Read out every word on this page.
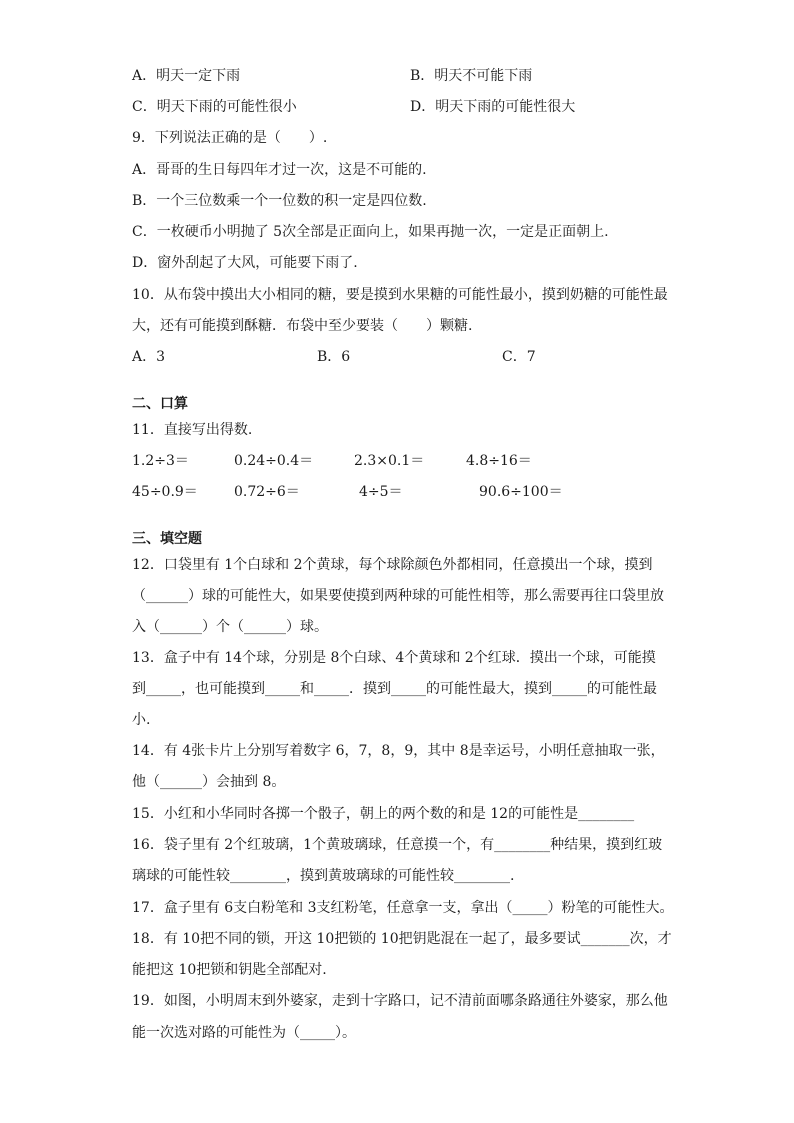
A．明天一定下雨	B．明天不可能下雨
C．明天下雨的可能性很小	D．明天下雨的可能性很大
9．下列说法正确的是（　　）.
A．哥哥的生日每四年才过一次，这是不可能的.
B．一个三位数乘一个一位数的积一定是四位数.
C．一枚硬币小明抛了 5次全部是正面向上，如果再抛一次，一定是正面朝上.
D．窗外刮起了大风，可能要下雨了.
10．从布袋中摸出大小相同的糖，要是摸到水果糖的可能性最小，摸到奶糖的可能性最
大，还有可能摸到酥糖．布袋中至少要装（　　）颗糖.
A．3	B．6	C．7
二、口算
11．直接写出得数.
1.2÷3＝	0.24÷0.4＝	2.3×0.1＝	4.8÷16＝
45÷0.9＝	0.72÷6＝	4÷5＝	90.6÷100＝
三、填空题
12．口袋里有 1个白球和 2个黄球，每个球除颜色外都相同，任意摸出一个球，摸到
（______）球的可能性大，如果要使摸到两种球的可能性相等，那么需要再往口袋里放
入（______）个（______）球。
13．盒子中有 14个球，分别是 8个白球、4个黄球和 2个红球．摸出一个球，可能摸
到_____，也可能摸到_____和_____．摸到_____的可能性最大，摸到_____的可能性最
小.
14．有 4张卡片上分别写着数字 6，7，8，9，其中 8是幸运号，小明任意抽取一张，
他（______）会抽到 8。
15．小红和小华同时各掷一个骰子，朝上的两个数的和是 12的可能性是________
16．袋子里有 2个红玻璃，1个黄玻璃球，任意摸一个，有________种结果，摸到红玻
璃球的可能性较________，摸到黄玻璃球的可能性较________.
17．盒子里有 6支白粉笔和 3支红粉笔，任意拿一支，拿出（_____）粉笔的可能性大。
18．有 10把不同的锁，开这 10把锁的 10把钥匙混在一起了，最多要试_______次，才
能把这 10把锁和钥匙全部配对.
19．如图，小明周末到外婆家，走到十字路口，记不清前面哪条路通往外婆家，那么他
能一次选对路的可能性为（_____）。
